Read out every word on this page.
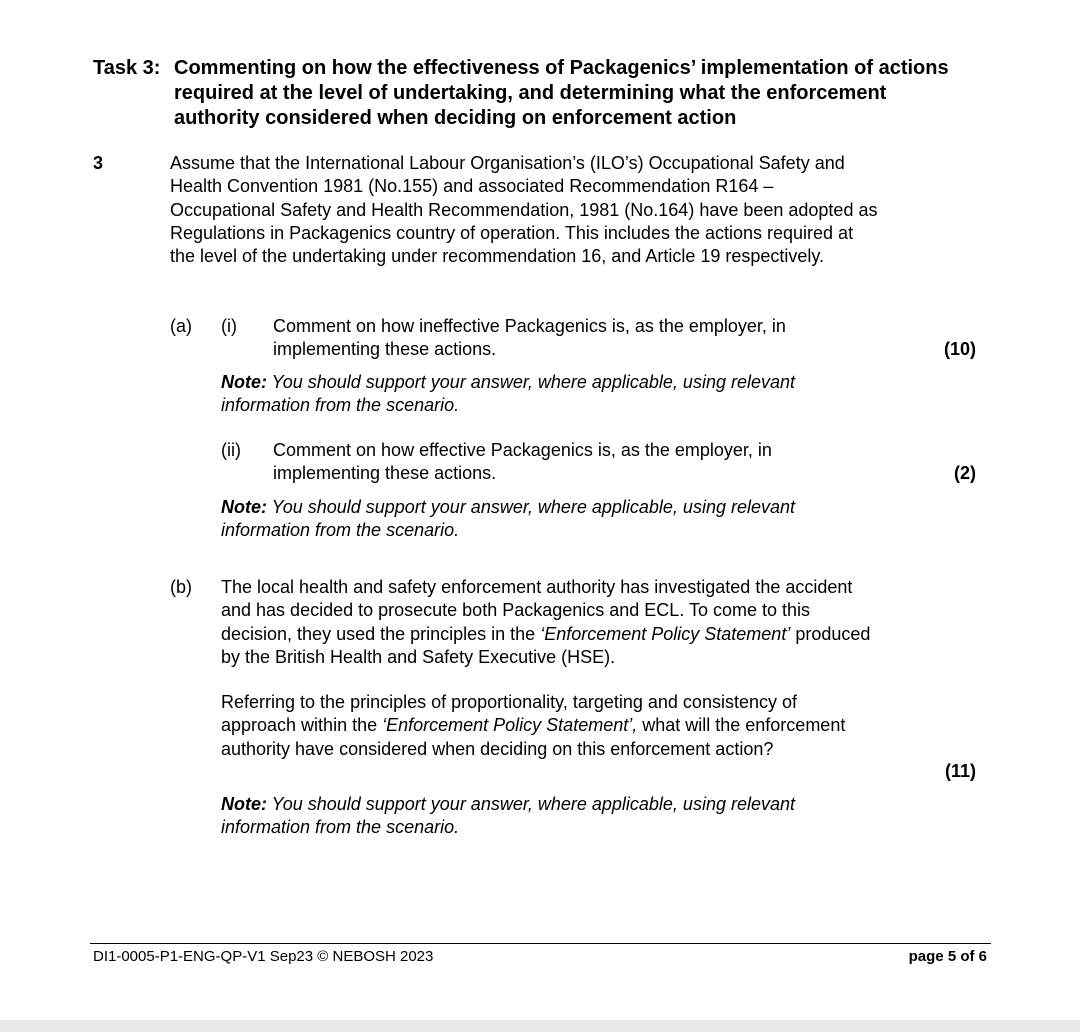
Task 3: Commenting on how the effectiveness of Packagenics’ implementation of actions required at the level of undertaking, and determining what the enforcement authority considered when deciding on enforcement action
3	Assume that the International Labour Organisation’s (ILO’s) Occupational Safety and Health Convention 1981 (No.155) and associated Recommendation R164 – Occupational Safety and Health Recommendation, 1981 (No.164) have been adopted as Regulations in Packagenics country of operation. This includes the actions required at the level of the undertaking under recommendation 16, and Article 19 respectively.
(a) (i) Comment on how ineffective Packagenics is, as the employer, in implementing these actions.	(10)
Note: You should support your answer, where applicable, using relevant information from the scenario.
(ii) Comment on how effective Packagenics is, as the employer, in implementing these actions.	(2)
Note: You should support your answer, where applicable, using relevant information from the scenario.
(b) The local health and safety enforcement authority has investigated the accident and has decided to prosecute both Packagenics and ECL. To come to this decision, they used the principles in the ‘Enforcement Policy Statement’ produced by the British Health and Safety Executive (HSE).
Referring to the principles of proportionality, targeting and consistency of approach within the ‘Enforcement Policy Statement’, what will the enforcement authority have considered when deciding on this enforcement action?
(11)
Note: You should support your answer, where applicable, using relevant information from the scenario.
DI1-0005-P1-ENG-QP-V1 Sep23 © NEBOSH 2023	page 5 of 6
